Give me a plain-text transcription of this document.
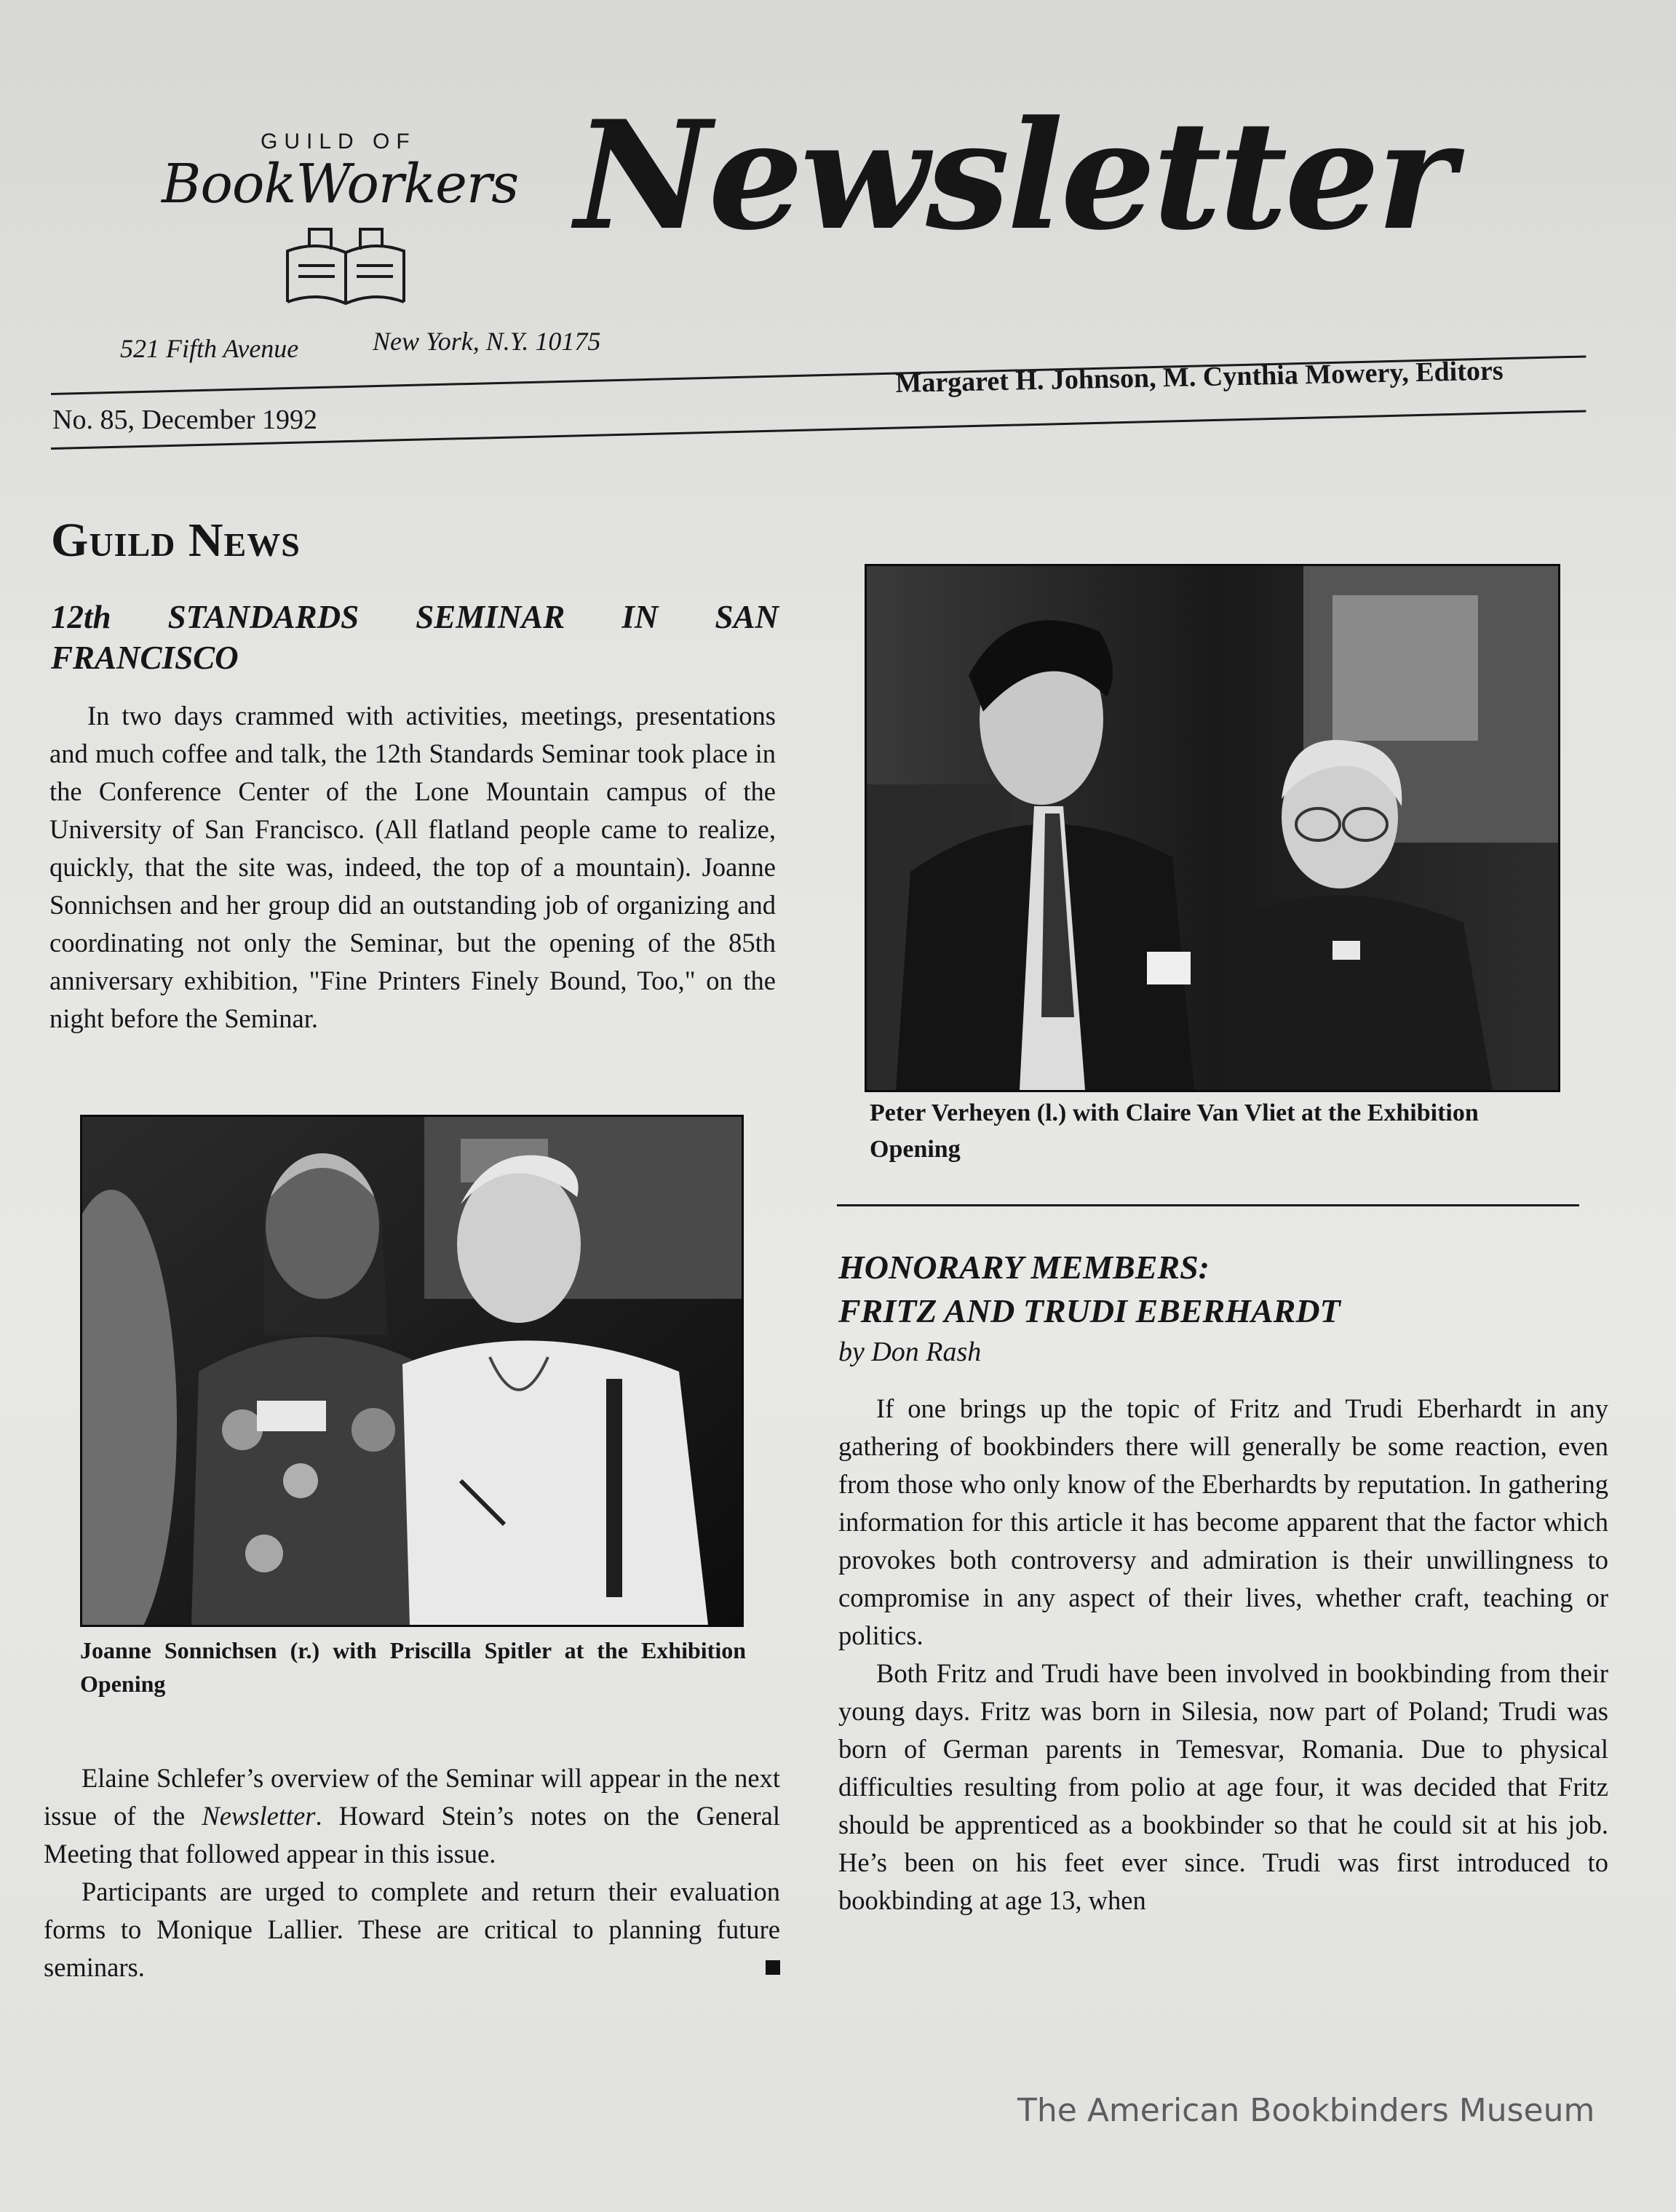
GUILD OF
BookWorkers Newsletter
521 Fifth Avenue	New York, N.Y. 10175
No. 85, December 1992
Margaret H. Johnson, M. Cynthia Mowery, Editors
Guild News
12th STANDARDS SEMINAR IN SAN
FRANCISCO

In two days crammed with activities, meetings, presentations and much coffee and talk, the 12th Standards Seminar took place in the Conference Center of the Lone Mountain campus of the University of San Francisco. (All flatland people came to realize, quickly, that the site was, indeed, the top of a mountain). Joanne Sonnichsen and her group did an outstanding job of organizing and coordinating not only the Seminar, but the opening of the 85th anniversary exhibition, "Fine Printers Finely Bound, Too," on the night before the Seminar.

Joanne Sonnichsen (r.) with Priscilla Spitler at the Exhibition Opening

Elaine Schlefer’s overview of the Seminar will appear in the next issue of the Newsletter. Howard Stein’s notes on the General Meeting that followed appear in this issue.

Participants are urged to complete and return their evaluation forms to Monique Lallier. These are critical to planning future seminars.

Peter Verheyen (l.) with Claire Van Vliet at the Exhibition Opening
HONORARY MEMBERS:
FRITZ AND TRUDI EBERHARDT
by Don Rash

If one brings up the topic of Fritz and Trudi Eberhardt in any gathering of bookbinders there will generally be some reaction, even from those who only know of the Eberhardts by reputation. In gathering information for this article it has become apparent that the factor which provokes both controversy and admiration is their unwillingness to compromise in any aspect of their lives, whether craft, teaching or politics.

Both Fritz and Trudi have been involved in bookbinding from their young days. Fritz was born in Silesia, now part of Poland; Trudi was born of German parents in Temesvar, Romania. Due to physical difficulties resulting from polio at age four, it was decided that Fritz should be apprenticed as a bookbinder so that he could sit at his job. He’s been on his feet ever since. Trudi was first introduced to bookbinding at age 13, when

The American Bookbinders Museum
